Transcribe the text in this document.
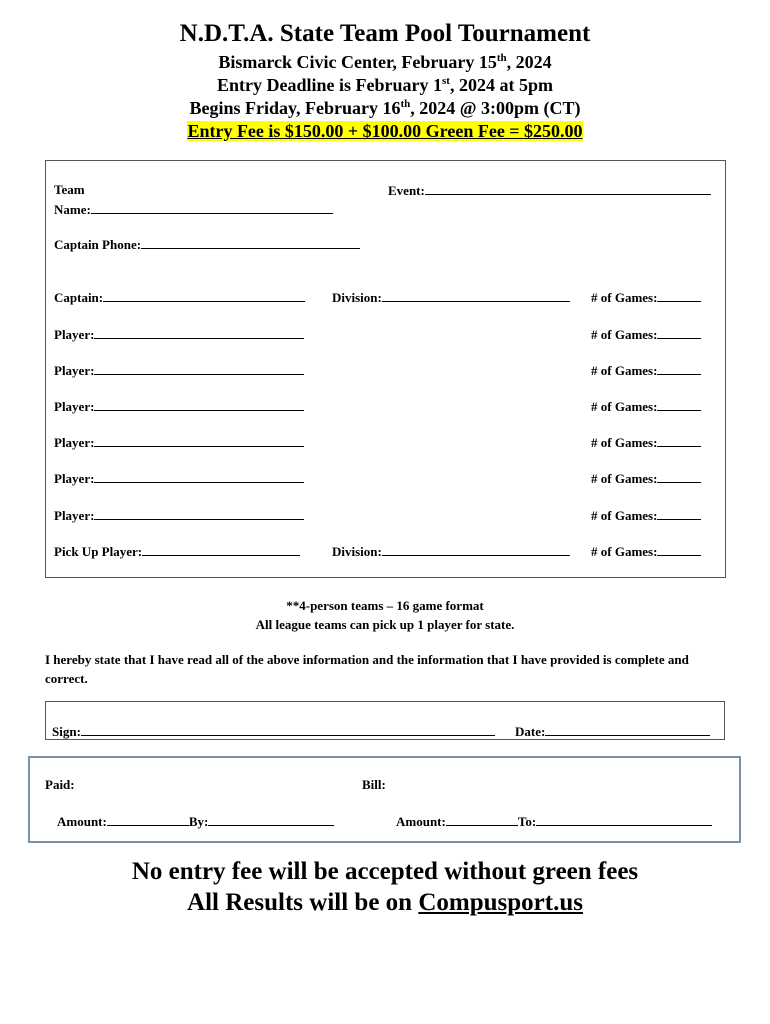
N.D.T.A. State Team Pool Tournament
Bismarck Civic Center, February 15th, 2024
Entry Deadline is February 1st, 2024 at 5pm
Begins Friday, February 16th, 2024 @ 3:00pm (CT)
Entry Fee is $150.00 + $100.00 Green Fee = $250.00
Team
Name:
Event:
Captain Phone:
Captain:	Division:	# of Games:
Player:	# of Games:
Player:	# of Games:
Player:	# of Games:
Player:	# of Games:
Player:	# of Games:
Player:	# of Games:
Pick Up Player:	Division:	# of Games:
**4-person teams – 16 game format
All league teams can pick up 1 player for state.
I hereby state that I have read all of the above information and the information that I have provided is complete and correct.
Sign:	Date:
Paid:	Bill:
Amount:	By:	Amount:	To:
No entry fee will be accepted without green fees
All Results will be on Compusport.us
